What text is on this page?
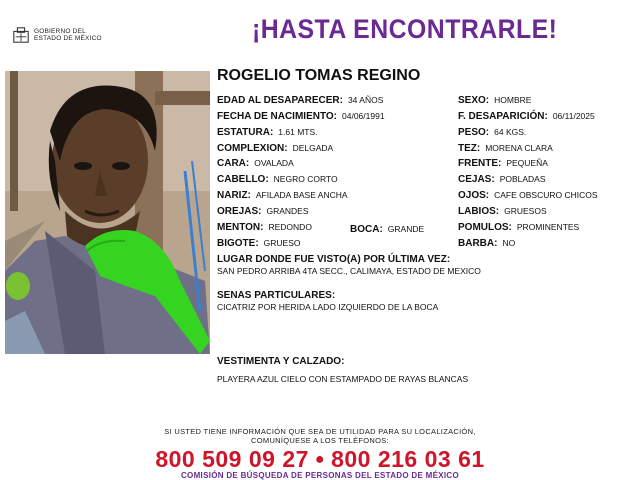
GOBIERNO DEL
ESTADO DE MÉXICO	¡HASTA ENCONTRARLE!
ROGELIO TOMAS REGINO
EDAD AL DESAPARECER: 34 AÑOS
FECHA DE NACIMIENTO: 04/06/1991
ESTATURA: 1.61 MTS.
COMPLEXION: DELGADA
CARA: OVALADA
CABELLO: NEGRO CORTO
NARIZ: AFILADA BASE ANCHA
OREJAS: GRANDES
MENTON: REDONDO	BOCA: GRANDE
BIGOTE: GRUESO
SEXO: HOMBRE
F. DESAPARICIÓN: 06/11/2025
PESO: 64 KGS.
TEZ: MORENA CLARA
FRENTE: PEQUEÑA
CEJAS: POBLADAS
OJOS: CAFE OBSCURO CHICOS
LABIOS: GRUESOS
POMULOS: PROMINENTES
BARBA: NO
LUGAR DONDE FUE VISTO(A) POR ÚLTIMA VEZ:
SAN PEDRO ARRIBA 4TA SECC., CALIMAYA, ESTADO DE MEXICO
SENAS PARTICULARES:
CICATRIZ POR HERIDA LADO IZQUIERDO DE LA BOCA
VESTIMENTA Y CALZADO:
PLAYERA AZUL CIELO CON ESTAMPADO DE RAYAS BLANCAS
SI USTED TIENE INFORMACIÓN QUE SEA DE UTILIDAD PARA SU LOCALIZACIÓN,
COMUNÍQUESE A LOS TELÉFONOS:
800 509 09 27 ● 800 216 03 61
COMISIÓN DE BÚSQUEDA DE PERSONAS DEL ESTADO DE MÉXICO
